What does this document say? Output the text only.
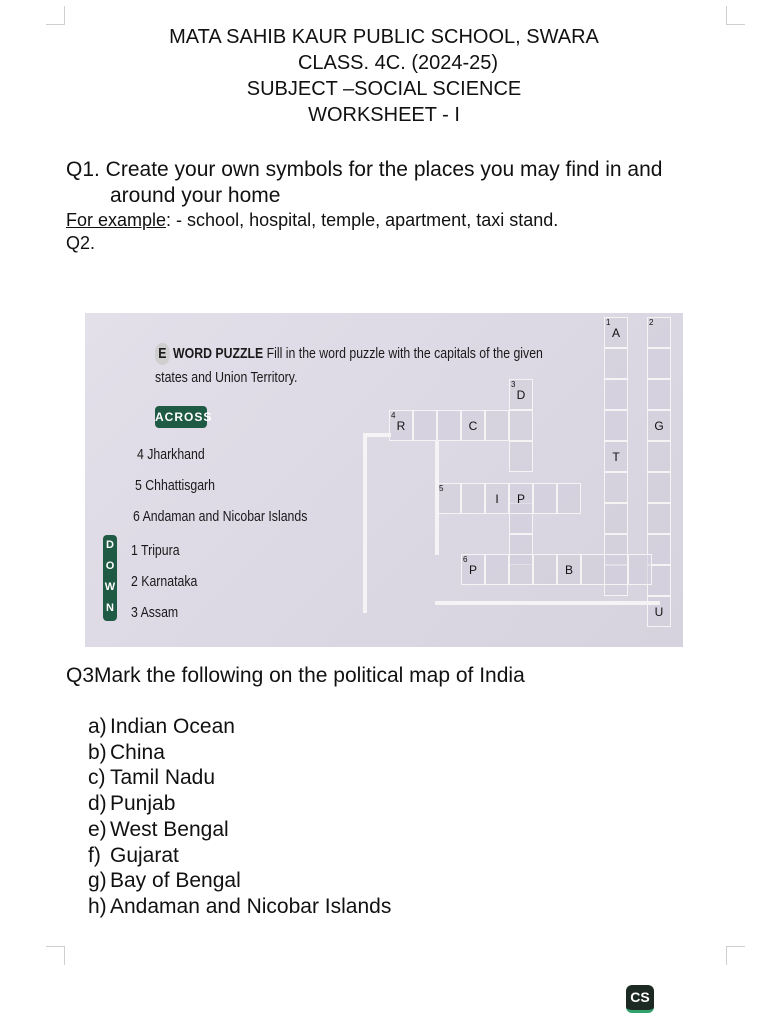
MATA SAHIB KAUR PUBLIC SCHOOL, SWARA
CLASS. 4C. (2024-25)
SUBJECT –SOCIAL SCIENCE
WORKSHEET - I
Q1. Create your own symbols for the places you may find in and
around your home
For example: - school, hospital, temple, apartment, taxi stand.
Q2.
E WORD PUZZLE Fill in the word puzzle with the capitals of the given
states and Union Territory.
ACROSS
4 Jharkhand
5 Chhattisgarh
6 Andaman and Nicobar Islands
D
O
W
N
1 Tripura
2 Karnataka
3 Assam
1
A
T
2
G
U
3
D
4
R	C
5
I	P
6
P	B
Q3Mark the following on the political map of India
a) Indian Ocean
b) China
c) Tamil Nadu
d) Punjab
e) West Bengal
f) Gujarat
g) Bay of Bengal
h) Andaman and Nicobar Islands
CS
